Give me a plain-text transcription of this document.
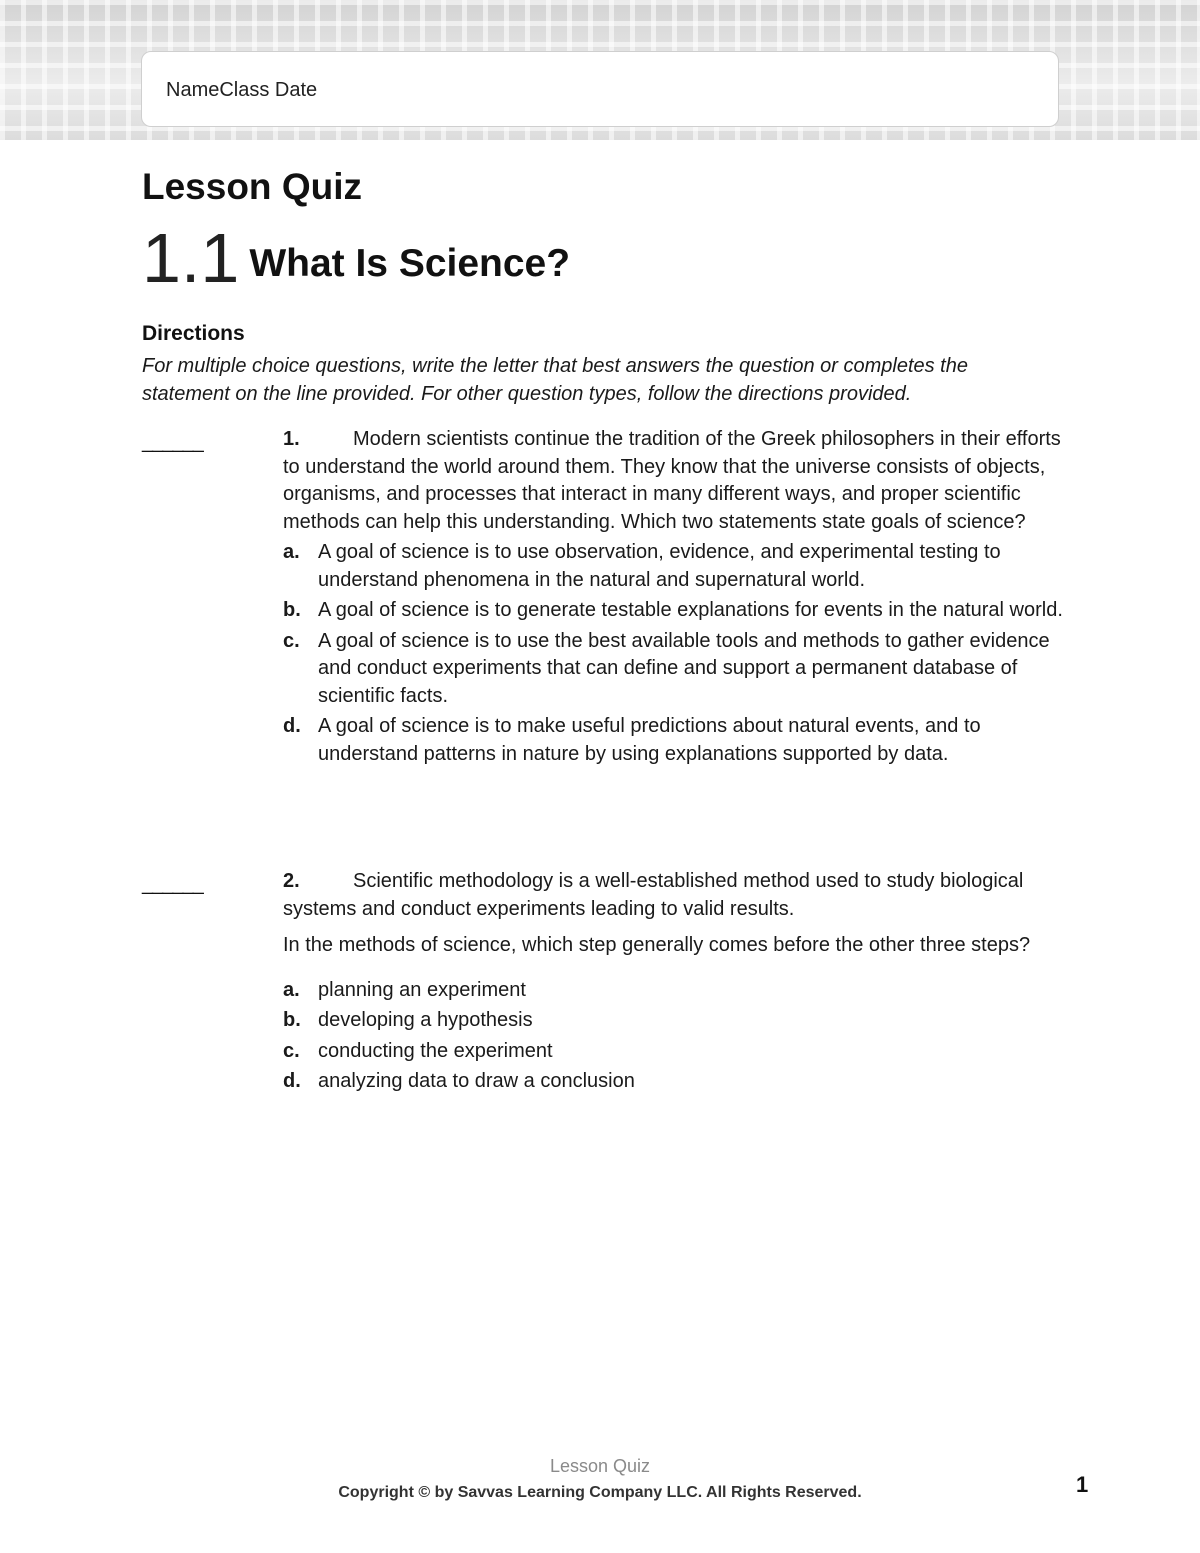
NameClass Date
Lesson Quiz
1.1 What Is Science?
Directions
For multiple choice questions, write the letter that best answers the question or completes the statement on the line provided. For other question types, follow the directions provided.
______	1.	Modern scientists continue the tradition of the Greek philosophers in their efforts to understand the world around them. They know that the universe consists of objects, organisms, and processes that interact in many different ways, and proper scientific methods can help this understanding. Which two statements state goals of science?

a. A goal of science is to use observation, evidence, and experimental testing to understand phenomena in the natural and supernatural world.
b. A goal of science is to generate testable explanations for events in the natural world.
c. A goal of science is to use the best available tools and methods to gather evidence and conduct experiments that can define and support a permanent database of scientific facts.
d. A goal of science is to make useful predictions about natural events, and to understand patterns in nature by using explanations supported by data.
______	2.	Scientific methodology is a well-established method used to study biological systems and conduct experiments leading to valid results.

In the methods of science, which step generally comes before the other three steps?

a. planning an experiment
b. developing a hypothesis
c. conducting the experiment
d. analyzing data to draw a conclusion
Lesson Quiz
Copyright © by Savvas Learning Company LLC. All Rights Reserved.	1
